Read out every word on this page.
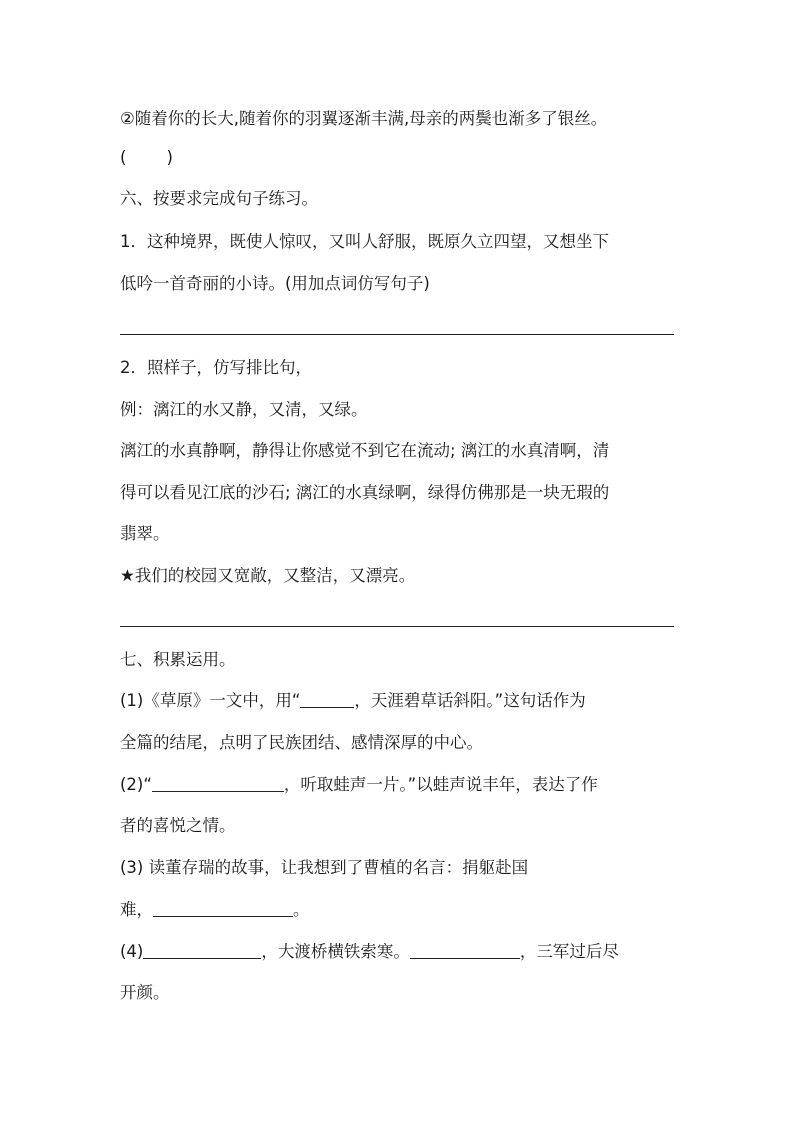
②随着你的长大,随着你的羽翼逐渐丰满,母亲的两鬓也渐多了银丝。
( )
六、按要求完成句子练习。
1．这种境界，既使人惊叹，又叫人舒服，既原久立四望，又想坐下
低吟一首奇丽的小诗。(用加点词仿写句子)
2．照样子，仿写排比句，
例：漓江的水又静，又清，又绿。
漓江的水真静啊，静得让你感觉不到它在流动; 漓江的水真清啊，清
得可以看见江底的沙石; 漓江的水真绿啊，绿得仿佛那是一块无瑕的
翡翠。
★我们的校园又宽敞，又整洁，又漂亮。
七、积累运用。
(1)《草原》一文中，用“	，天涯碧草话斜阳。”这句话作为
全篇的结尾，点明了民族团结、感情深厚的中心。
(2)“	，听取蛙声一片。”以蛙声说丰年，表达了作
者的喜悦之情。
(3) 读董存瑞的故事，让我想到了曹植的名言：捐躯赴国
难，	。
(4)	，大渡桥横铁索寒。	，三军过后尽
开颜。
